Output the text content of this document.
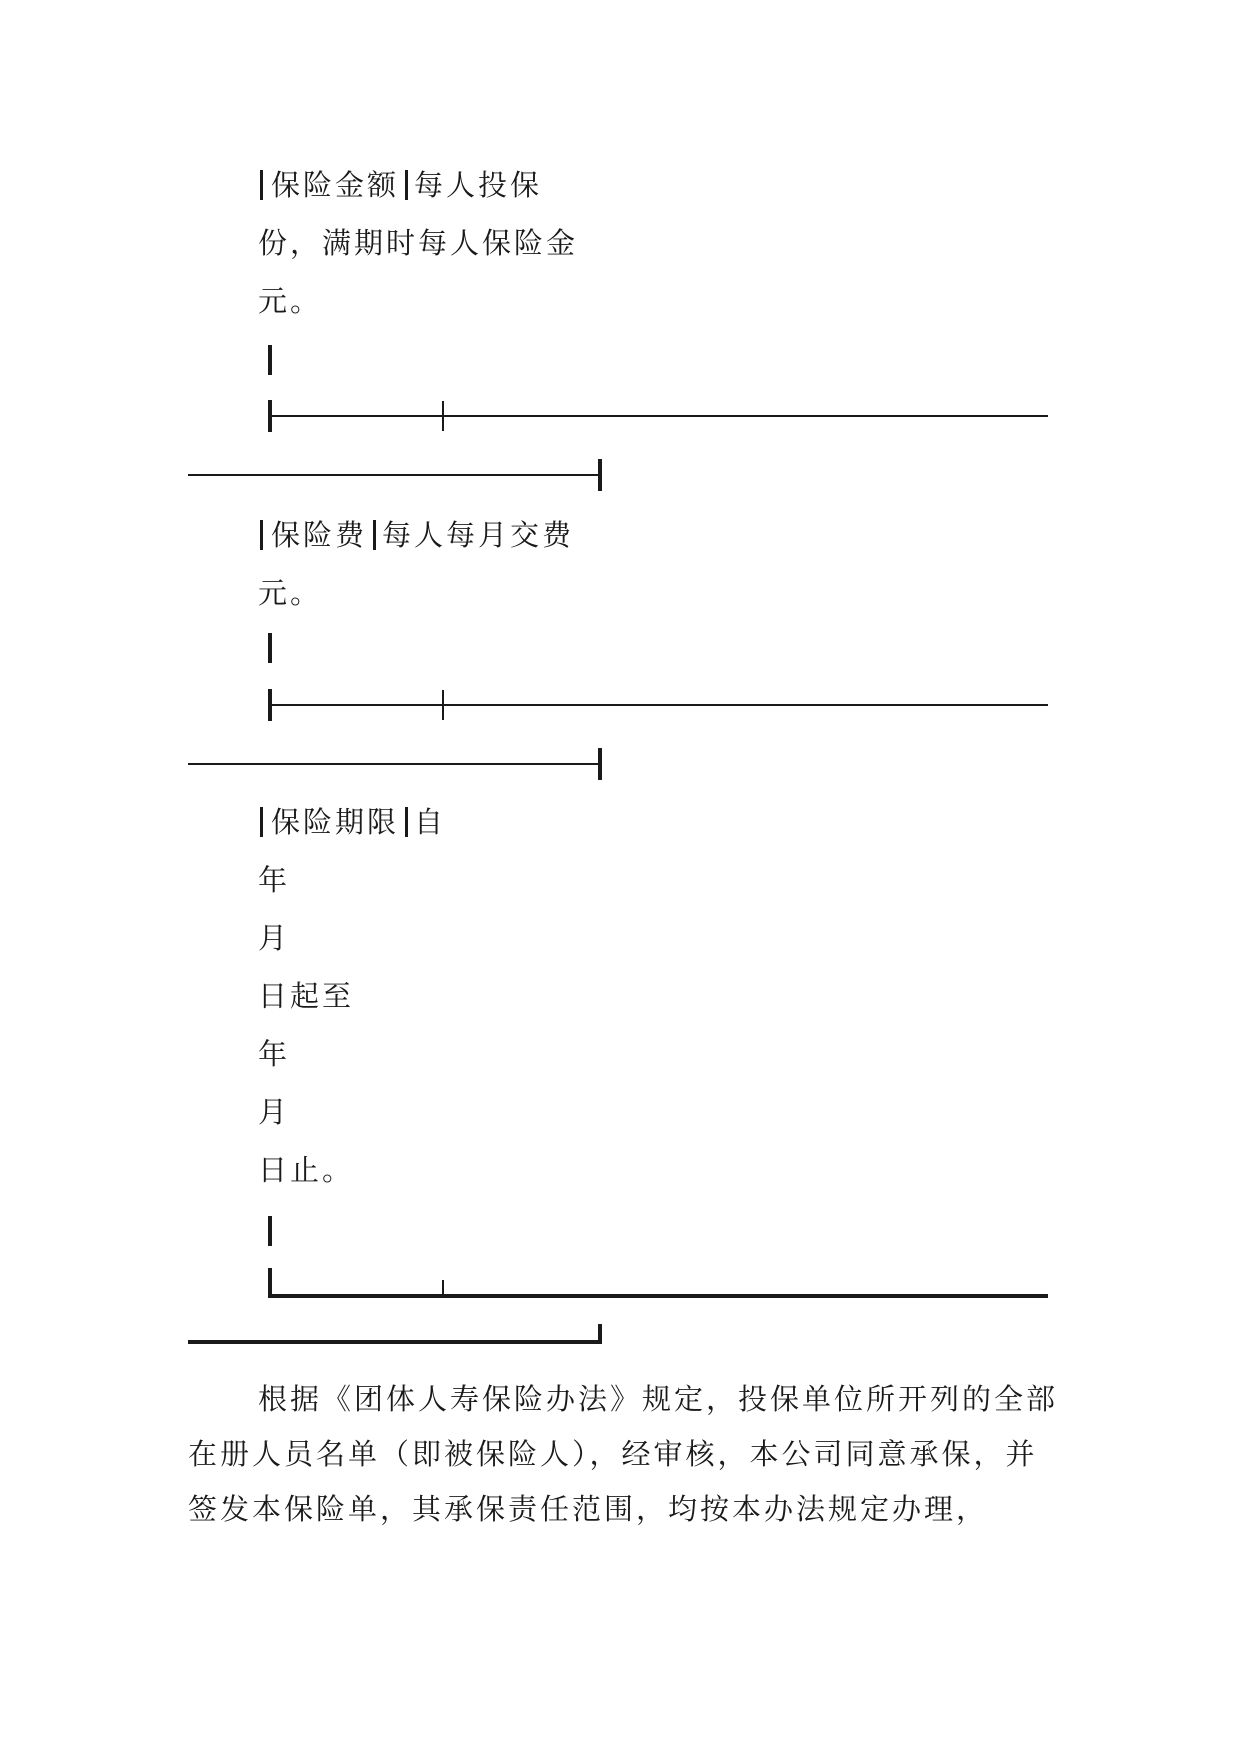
保险金额 每人投保
份，满期时每人保险金
元。
保险费 每人每月交费
元。
保险期限 自
年
月
日起至
年
月
日止。
根据《团体人寿保险办法》规定，投保单位所开列的全部在册人员名单（即被保险人），经审核，本公司同意承保，并签发本保险单，其承保责任范围，均按本办法规定办理，
